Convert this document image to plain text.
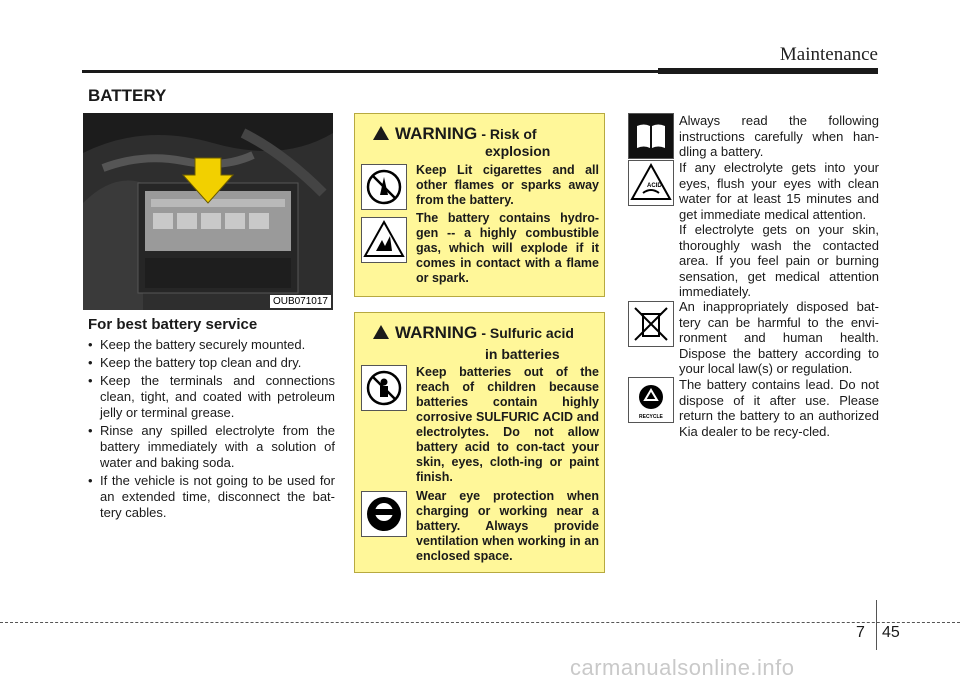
Maintenance
BATTERY
OUB071017
For best battery service
• Keep the battery securely mounted.
• Keep the battery top clean and dry.
• Keep the terminals and connections clean, tight, and coated with petroleum jelly or terminal grease.
• Rinse any spilled electrolyte from the battery immediately with a solution of water and baking soda.
• If the vehicle is not going to be used for an extended time, disconnect the bat-tery cables.
WARNING - Risk of
explosion
Keep Lit cigarettes and all other flames or sparks away from the battery.
The battery contains hydro-gen -- a highly combustible gas, which will explode if it comes in contact with a flame or spark.
WARNING - Sulfuric acid
in batteries
Keep batteries out of the reach of children because batteries contain highly corrosive SULFURIC ACID and electrolytes. Do not allow battery acid to con-tact your skin, eyes, cloth-ing or paint finish.
Wear eye protection when charging or working near a battery. Always provide ventilation when working in an enclosed space.
ACID
RECYCLE

Always read the following instructions carefully when han-dling a battery.

If any electrolyte gets into your eyes, flush your eyes with clean water for at least 15 minutes and get immediate medical attention.

If electrolyte gets on your skin, thoroughly wash the contacted area. If you feel pain or burning sensation, get medical attention immediately.

An inappropriately disposed bat-tery can be harmful to the envi-ronment and human health. Dispose the battery according to your local law(s) or regulation.

The battery contains lead. Do not dispose of it after use. Please return the battery to an authorized Kia dealer to be recy-cled.

7 45
carmanualsonline.info
